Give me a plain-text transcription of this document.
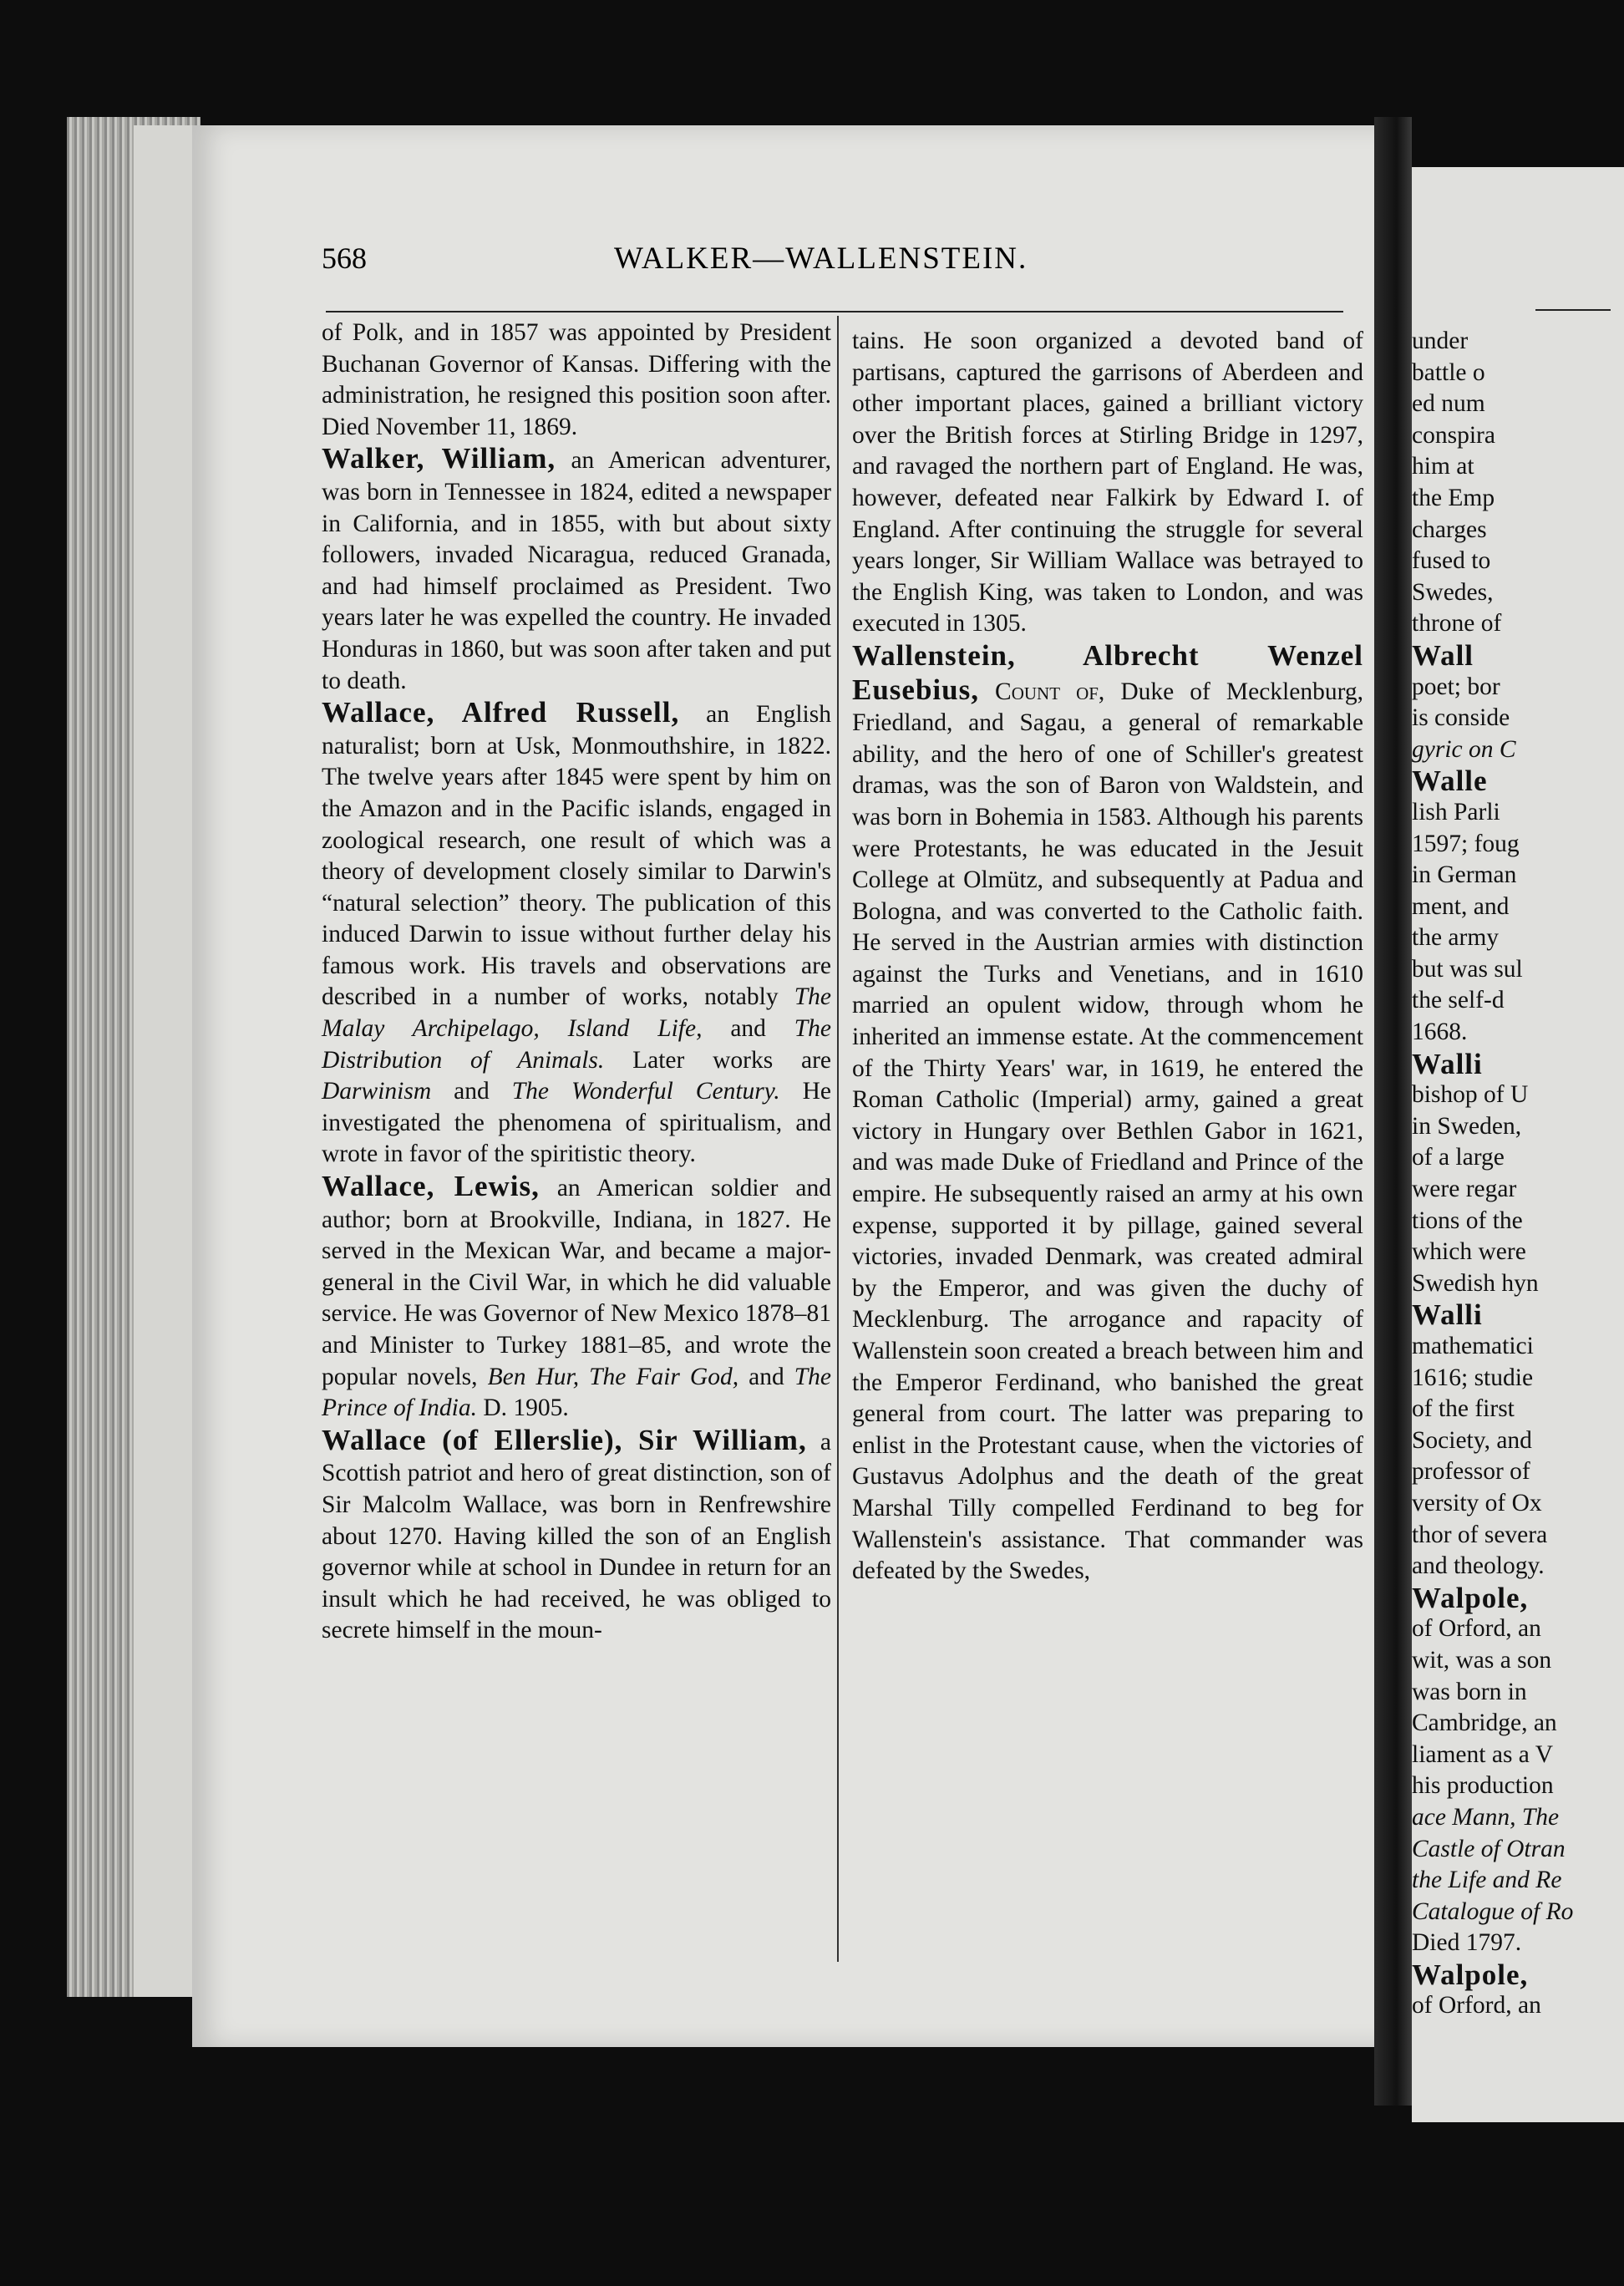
568	WALKER—WALLENSTEIN.

of Polk, and in 1857 was appointed by President Buchanan Governor of Kansas. Differing with the administration, he resigned this position soon after. Died November 11, 1869.

Walker, William, an American adventurer, was born in Tennessee in 1824, edited a newspaper in California, and in 1855, with but about sixty followers, invaded Nicaragua, reduced Granada, and had himself proclaimed as President. Two years later he was expelled the country. He invaded Honduras in 1860, but was soon after taken and put to death.

Wallace, Alfred Russell, an English naturalist; born at Usk, Monmouthshire, in 1822. The twelve years after 1845 were spent by him on the Amazon and in the Pacific islands, engaged in zoological research, one result of which was a theory of development closely similar to Darwin's “natural selection” theory. The publication of this induced Darwin to issue without further delay his famous work. His travels and observations are described in a number of works, notably The Malay Archipelago, Island Life, and The Distribution of Animals. Later works are Darwinism and The Wonderful Century. He investigated the phenomena of spiritualism, and wrote in favor of the spiritistic theory.

Wallace, Lewis, an American soldier and author; born at Brookville, Indiana, in 1827. He served in the Mexican War, and became a major-general in the Civil War, in which he did valuable service. He was Governor of New Mexico 1878–81 and Minister to Turkey 1881–85, and wrote the popular novels, Ben Hur, The Fair God, and The Prince of India. D. 1905.

Wallace (of Ellerslie), Sir William, a Scottish patriot and hero of great distinction, son of Sir Malcolm Wallace, was born in Renfrewshire about 1270. Having killed the son of an English governor while at school in Dundee in return for an insult which he had received, he was obliged to secrete himself in the moun-

tains. He soon organized a devoted band of partisans, captured the garrisons of Aberdeen and other important places, gained a brilliant victory over the British forces at Stirling Bridge in 1297, and ravaged the northern part of England. He was, however, defeated near Falkirk by Edward I. of England. After continuing the struggle for several years longer, Sir William Wallace was betrayed to the English King, was taken to London, and was executed in 1305.

Wallenstein, Albrecht Wenzel Eusebius, Count of, Duke of Mecklenburg, Friedland, and Sagau, a general of remarkable ability, and the hero of one of Schiller's greatest dramas, was the son of Baron von Waldstein, and was born in Bohemia in 1583. Although his parents were Protestants, he was educated in the Jesuit College at Olmütz, and subsequently at Padua and Bologna, and was converted to the Catholic faith. He served in the Austrian armies with distinction against the Turks and Venetians, and in 1610 married an opulent widow, through whom he inherited an immense estate. At the commencement of the Thirty Years' war, in 1619, he entered the Roman Catholic (Imperial) army, gained a great victory in Hungary over Bethlen Gabor in 1621, and was made Duke of Friedland and Prince of the empire. He subsequently raised an army at his own expense, supported it by pillage, gained several victories, invaded Denmark, was created admiral by the Emperor, and was given the duchy of Mecklenburg. The arrogance and rapacity of Wallenstein soon created a breach between him and the Emperor Ferdinand, who banished the great general from court. The latter was preparing to enlist in the Protestant cause, when the victories of Gustavus Adolphus and the death of the great Marshal Tilly compelled Ferdinand to beg for Wallenstein's assistance. That commander was defeated by the Swedes,

under
battle o
ed num
conspira
him at
the Emp
charges
fused to
Swedes,
throne of
Wall
poet; bor
is conside
gyric on C
Walle
lish Parli
1597; foug
in German
ment, and
the army
but was sul
the self-d
1668.
Walli
bishop of U
in Sweden,
of a large
were regar
tions of the
which were
Swedish hyn
Walli
mathematici
1616; studie
of the first
Society, and
professor of
versity of Ox
thor of severa
and theology.
Walpole,
of Orford, an
wit, was a son
was born in
Cambridge, an
liament as a V
his production
ace Mann, The
Castle of Otran
the Life and Re
Catalogue of Ro
Died 1797.
Walpole,
of Orford, an
